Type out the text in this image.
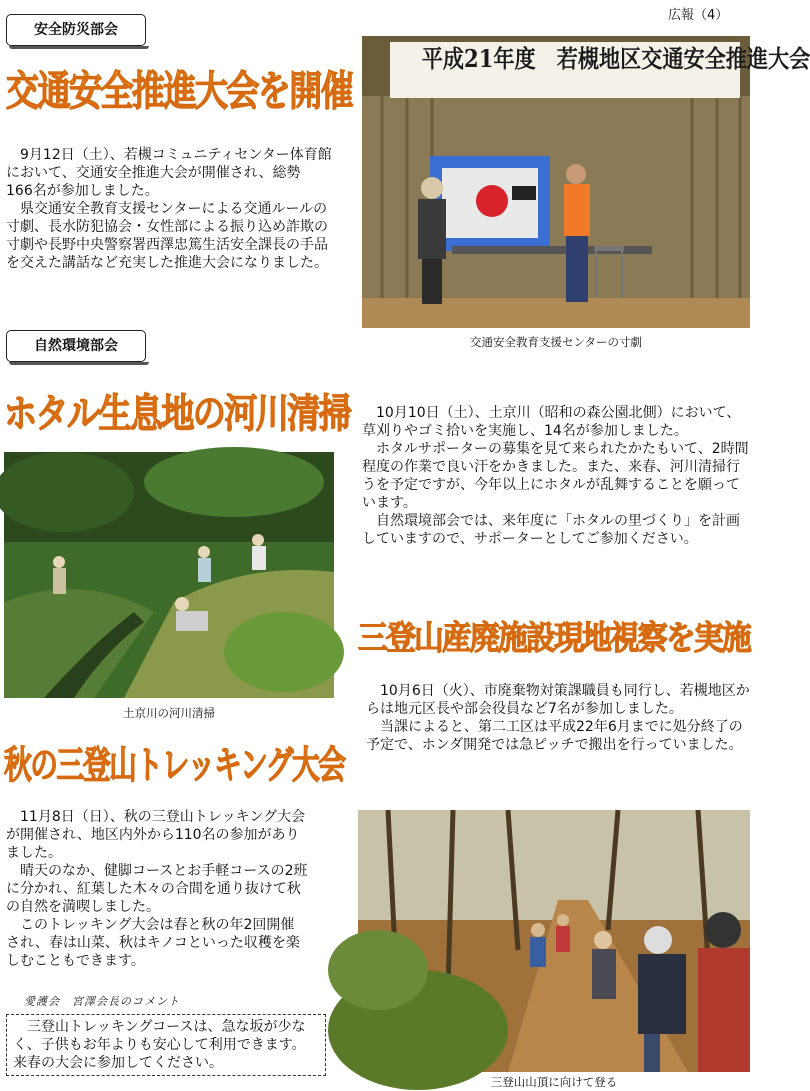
広報（4）
安全防災部会
交通安全推進大会を開催
　9月12日（土）、若槻コミュニティセンター体育館において、交通安全推進大会が開催され、総勢　166名が参加しました。
　県交通安全教育支援センターによる交通ルールの寸劇、長水防犯協会・女性部による振り込め詐欺の寸劇や長野中央警察署西澤忠篤生活安全課長の手品を交えた講話など充実した推進大会になりました。
平成21年度　若槻地区交通安全推進大会
交通安全教育支援センターの寸劇
自然環境部会
ホタル生息地の河川清掃
土京川の河川清掃
　10月10日（土）、土京川（昭和の森公園北側）において、草刈りやゴミ拾いを実施し、14名が参加しました。
　ホタルサポーターの募集を見て来られたかたもいて、2時間程度の作業で良い汗をかきました。また、来春、河川清掃行うを予定ですが、今年以上にホタルが乱舞することを願っています。
　自然環境部会では、来年度に「ホタルの里づくり」を計画していますので、サポーターとしてご参加ください。
三登山産廃施設現地視察を実施
　10月6日（火）、市廃棄物対策課職員も同行し、若槻地区からは地元区長や部会役員など7名が参加しました。
　当課によると、第二工区は平成22年6月までに処分終了の予定で、ホンダ開発では急ピッチで搬出を行っていました。
秋の三登山トレッキング大会
　11月8日（日）、秋の三登山トレッキング大会が開催され、地区内外から110名の参加がありました。
　晴天のなか、健脚コースとお手軽コースの2班に分かれ、紅葉した木々の合間を通り抜けて秋の自然を満喫しました。
　このトレッキング大会は春と秋の年2回開催され、春は山菜、秋はキノコといった収穫を楽しむこともできます。
愛護会　宮澤会長のコメント
　三登山トレッキングコースは、急な坂が少なく、子供もお年よりも安心して利用できます。来春の大会に参加してください。
三登山山頂に向けて登る
